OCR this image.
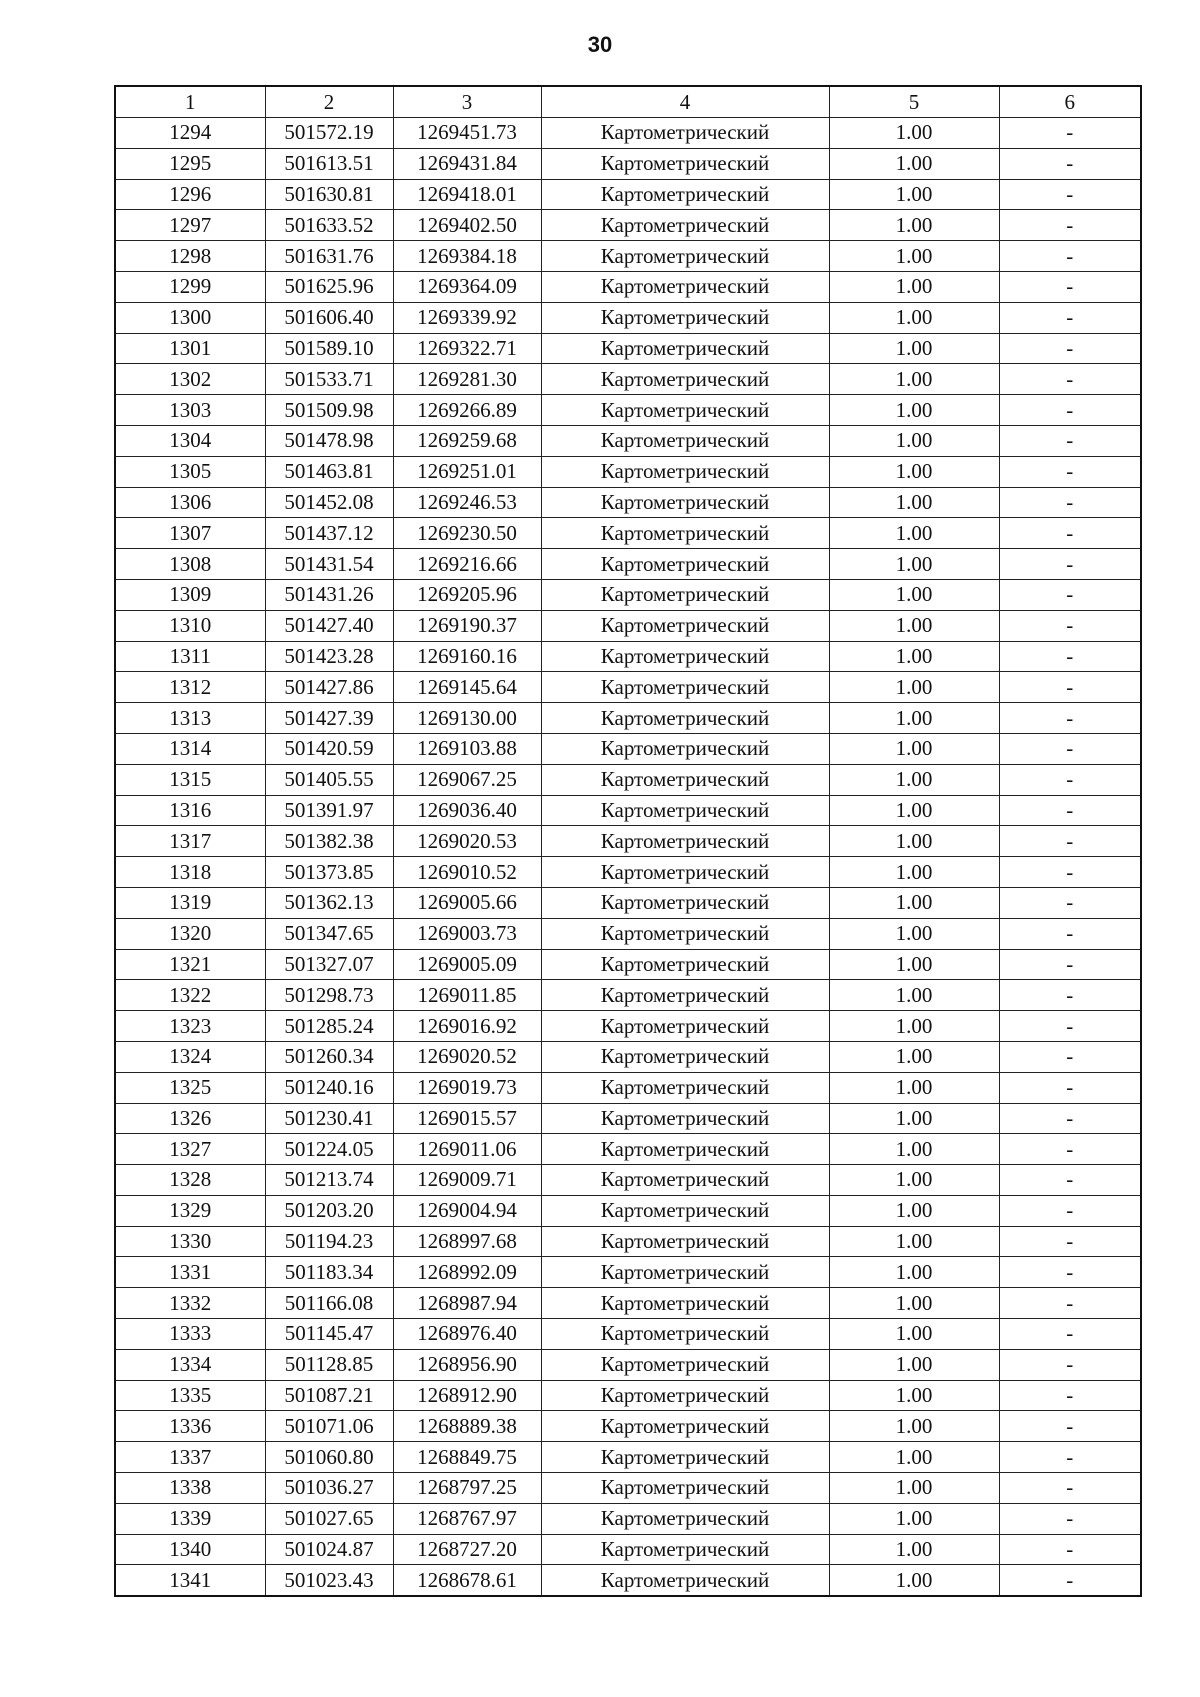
30
1	2	3	4	5	6
1294	501572.19	1269451.73	Картометрический	1.00	-
1295	501613.51	1269431.84	Картометрический	1.00	-
1296	501630.81	1269418.01	Картометрический	1.00	-
1297	501633.52	1269402.50	Картометрический	1.00	-
1298	501631.76	1269384.18	Картометрический	1.00	-
1299	501625.96	1269364.09	Картометрический	1.00	-
1300	501606.40	1269339.92	Картометрический	1.00	-
1301	501589.10	1269322.71	Картометрический	1.00	-
1302	501533.71	1269281.30	Картометрический	1.00	-
1303	501509.98	1269266.89	Картометрический	1.00	-
1304	501478.98	1269259.68	Картометрический	1.00	-
1305	501463.81	1269251.01	Картометрический	1.00	-
1306	501452.08	1269246.53	Картометрический	1.00	-
1307	501437.12	1269230.50	Картометрический	1.00	-
1308	501431.54	1269216.66	Картометрический	1.00	-
1309	501431.26	1269205.96	Картометрический	1.00	-
1310	501427.40	1269190.37	Картометрический	1.00	-
1311	501423.28	1269160.16	Картометрический	1.00	-
1312	501427.86	1269145.64	Картометрический	1.00	-
1313	501427.39	1269130.00	Картометрический	1.00	-
1314	501420.59	1269103.88	Картометрический	1.00	-
1315	501405.55	1269067.25	Картометрический	1.00	-
1316	501391.97	1269036.40	Картометрический	1.00	-
1317	501382.38	1269020.53	Картометрический	1.00	-
1318	501373.85	1269010.52	Картометрический	1.00	-
1319	501362.13	1269005.66	Картометрический	1.00	-
1320	501347.65	1269003.73	Картометрический	1.00	-
1321	501327.07	1269005.09	Картометрический	1.00	-
1322	501298.73	1269011.85	Картометрический	1.00	-
1323	501285.24	1269016.92	Картометрический	1.00	-
1324	501260.34	1269020.52	Картометрический	1.00	-
1325	501240.16	1269019.73	Картометрический	1.00	-
1326	501230.41	1269015.57	Картометрический	1.00	-
1327	501224.05	1269011.06	Картометрический	1.00	-
1328	501213.74	1269009.71	Картометрический	1.00	-
1329	501203.20	1269004.94	Картометрический	1.00	-
1330	501194.23	1268997.68	Картометрический	1.00	-
1331	501183.34	1268992.09	Картометрический	1.00	-
1332	501166.08	1268987.94	Картометрический	1.00	-
1333	501145.47	1268976.40	Картометрический	1.00	-
1334	501128.85	1268956.90	Картометрический	1.00	-
1335	501087.21	1268912.90	Картометрический	1.00	-
1336	501071.06	1268889.38	Картометрический	1.00	-
1337	501060.80	1268849.75	Картометрический	1.00	-
1338	501036.27	1268797.25	Картометрический	1.00	-
1339	501027.65	1268767.97	Картометрический	1.00	-
1340	501024.87	1268727.20	Картометрический	1.00	-
1341	501023.43	1268678.61	Картометрический	1.00	-
